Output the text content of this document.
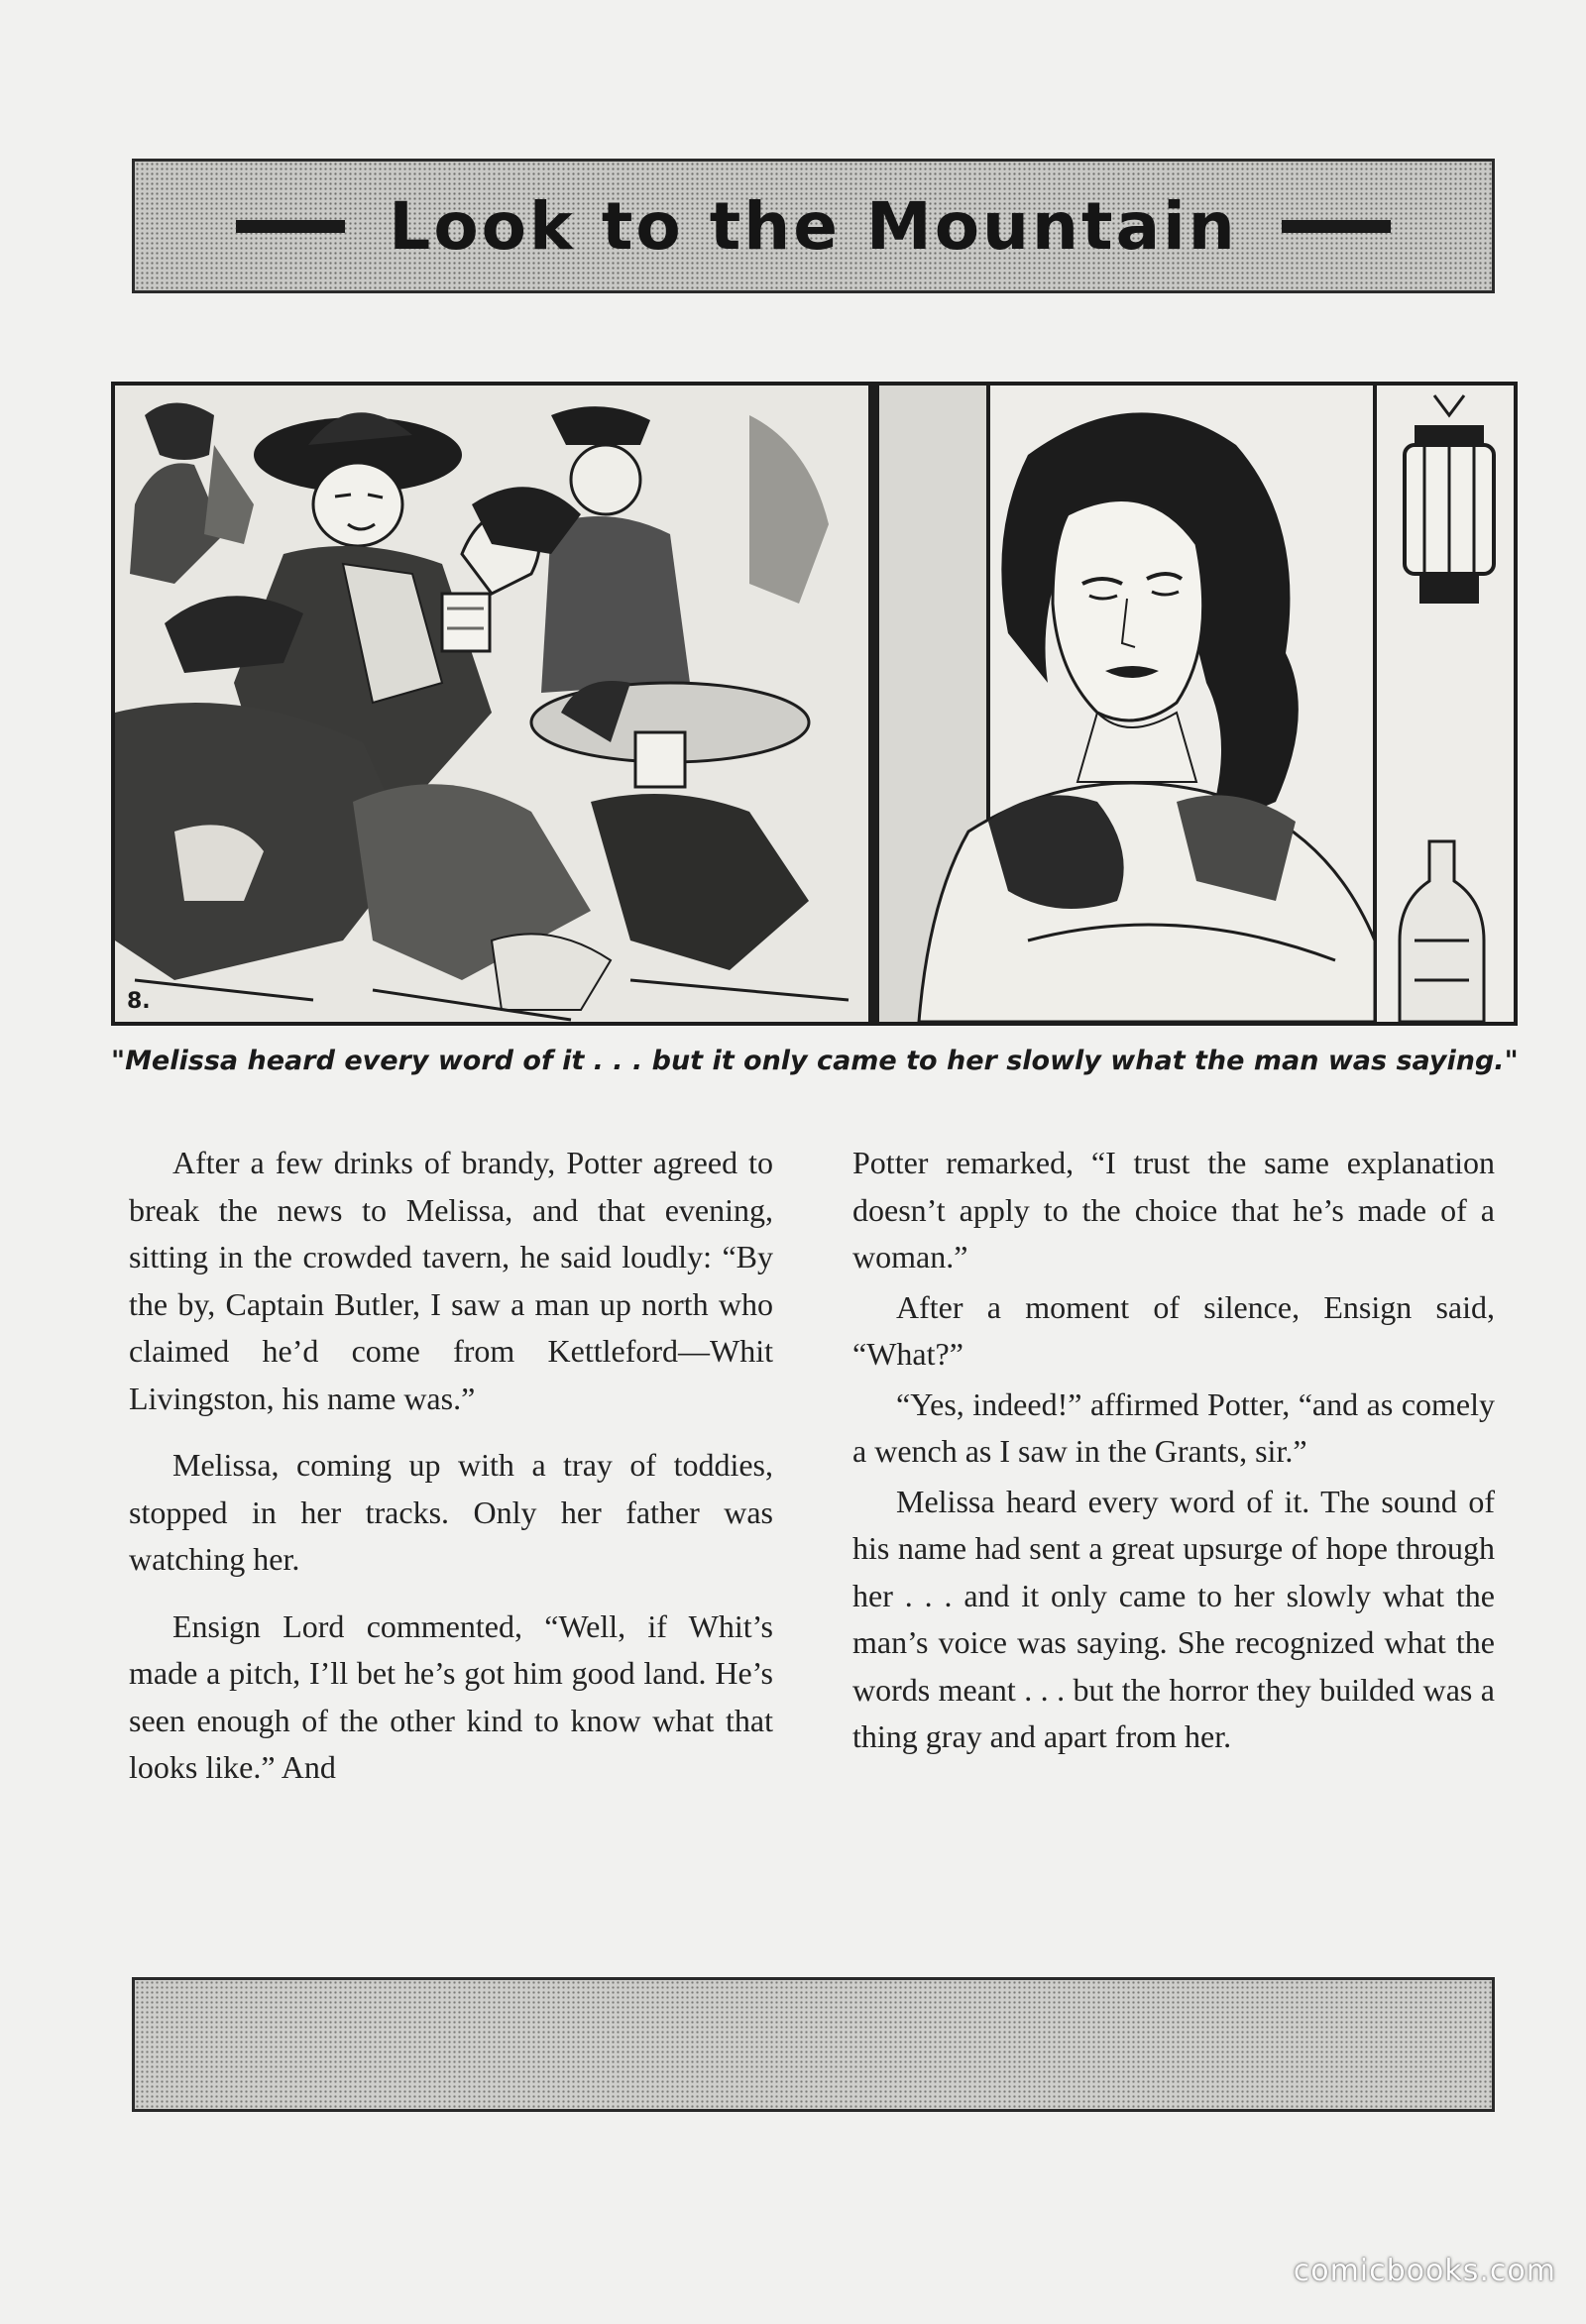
Look to the Mountain
8.
"Melissa heard every word of it . . . but it only came to her slowly what the man was saying."

After a few drinks of brandy, Potter agreed to break the news to Melissa, and that evening, sitting in the crowded tavern, he said loudly: “By the by, Captain Butler, I saw a man up north who claimed he’d come from Kettleford—Whit Livingston, his name was.”

Melissa, coming up with a tray of toddies, stopped in her tracks. Only her father was watching her.

Ensign Lord commented, “Well, if Whit’s made a pitch, I’ll bet he’s got him good land. He’s seen enough of the other kind to know what that looks like.” And

Potter remarked, “I trust the same explanation doesn’t apply to the choice that he’s made of a woman.”

After a moment of silence, Ensign said, “What?”

“Yes, indeed!” affirmed Potter, “and as comely a wench as I saw in the Grants, sir.”

Melissa heard every word of it. The sound of his name had sent a great upsurge of hope through her . . . and it only came to her slowly what the man’s voice was saying. She recognized what the words meant . . . but the horror they builded was a thing gray and apart from her.

comicbooks.com
